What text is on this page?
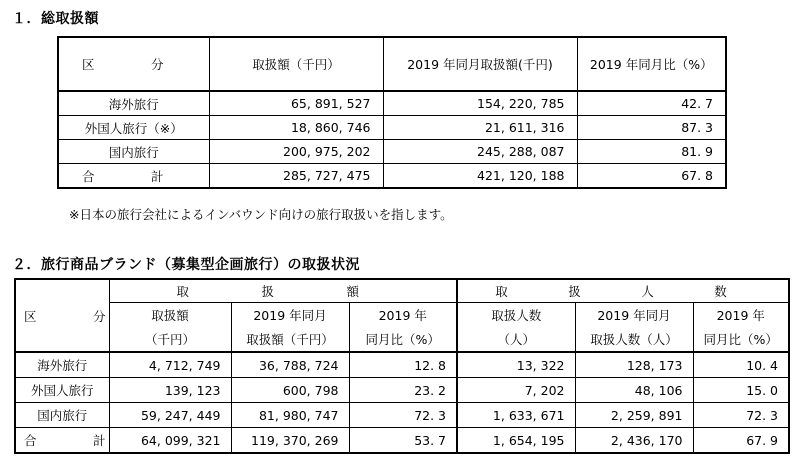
１．総取扱額
区　分	取扱額（千円）	2019 年同月取扱額(千円)	2019 年同月比（%）
海外旅行	65, 891, 527	154, 220, 785	42. 7
外国人旅行（※）	18, 860, 746	21, 611, 316	87. 3
国内旅行	200, 975, 202	245, 288, 087	81. 9
合　計	285, 727, 475	421, 120, 188	67. 8
※日本の旅行会社によるインバウンド向けの旅行取扱いを指します。
２．旅行商品ブランド（募集型企画旅行）の取扱状況
区　分	取　扱　額			取　扱　人　数		
	取扱額	2019 年同月	2019 年	取扱人数	2019 年同月	2019 年
	（千円）	取扱額（千円）	同月比（%）	（人）	取扱人数（人）	同月比（%）
海外旅行	4, 712, 749	36, 788, 724	12. 8	13, 322	128, 173	10. 4
外国人旅行	139, 123	600, 798	23. 2	7, 202	48, 106	15. 0
国内旅行	59, 247, 449	81, 980, 747	72. 3	1, 633, 671	2, 259, 891	72. 3
合　計	64, 099, 321	119, 370, 269	53. 7	1, 654, 195	2, 436, 170	67. 9
